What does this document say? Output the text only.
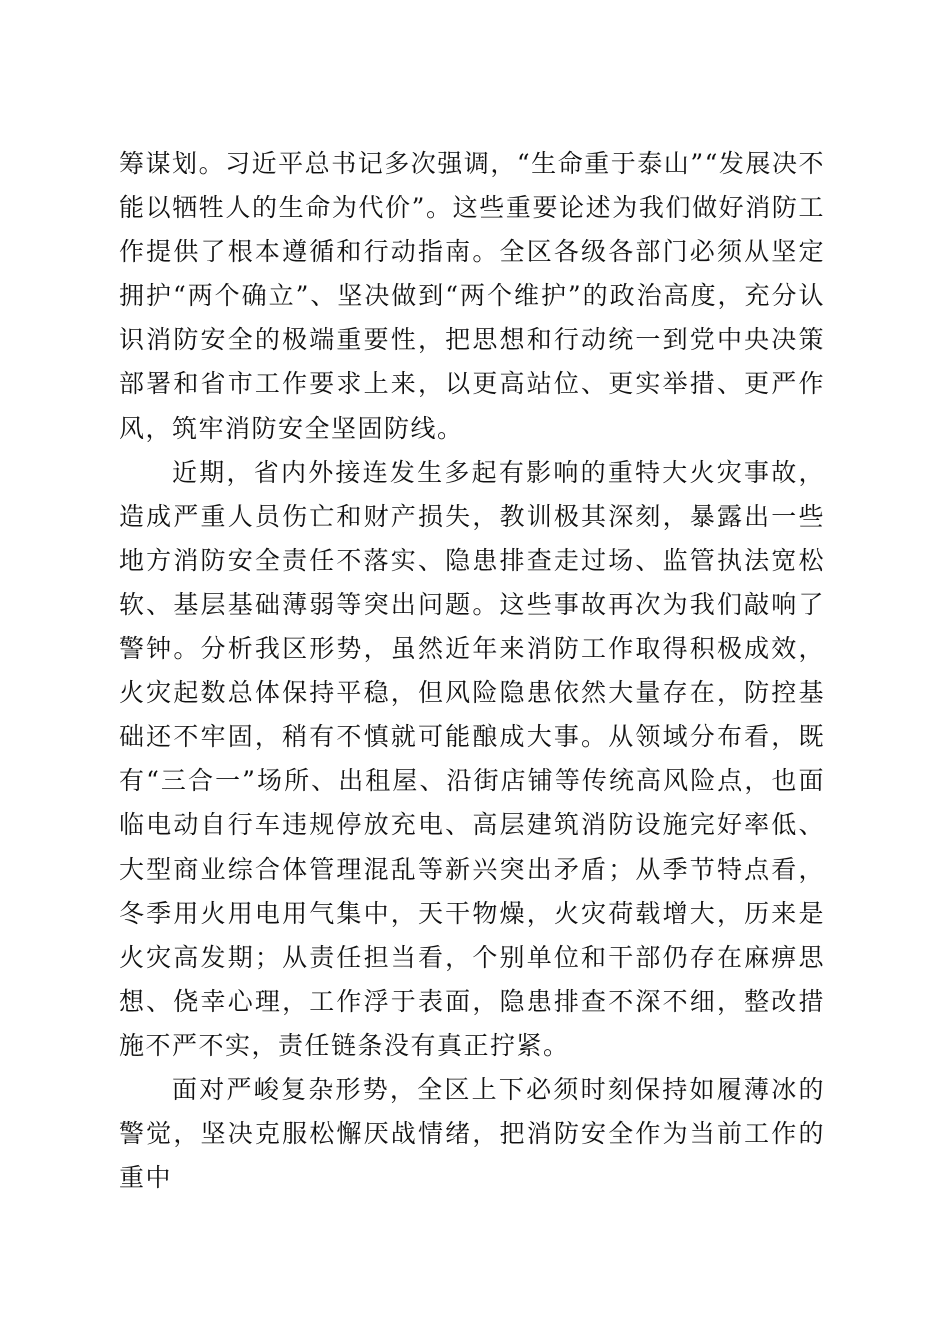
筹谋划。习近平总书记多次强调，“生命重于泰山”“发展决不能以牺牲人的生命为代价”。这些重要论述为我们做好消防工作提供了根本遵循和行动指南。全区各级各部门必须从坚定拥护“两个确立”、坚决做到“两个维护”的政治高度，充分认识消防安全的极端重要性，把思想和行动统一到党中央决策部署和省市工作要求上来，以更高站位、更实举措、更严作风，筑牢消防安全坚固防线。

近期，省内外接连发生多起有影响的重特大火灾事故，造成严重人员伤亡和财产损失，教训极其深刻，暴露出一些地方消防安全责任不落实、隐患排查走过场、监管执法宽松软、基层基础薄弱等突出问题。这些事故再次为我们敲响了警钟。分析我区形势，虽然近年来消防工作取得积极成效，火灾起数总体保持平稳，但风险隐患依然大量存在，防控基础还不牢固，稍有不慎就可能酿成大事。从领域分布看，既有“三合一”场所、出租屋、沿街店铺等传统高风险点，也面临电动自行车违规停放充电、高层建筑消防设施完好率低、大型商业综合体管理混乱等新兴突出矛盾；从季节特点看，冬季用火用电用气集中，天干物燥，火灾荷载增大，历来是火灾高发期；从责任担当看，个别单位和干部仍存在麻痹思想、侥幸心理，工作浮于表面，隐患排查不深不细，整改措施不严不实，责任链条没有真正拧紧。

面对严峻复杂形势，全区上下必须时刻保持如履薄冰的警觉，坚决克服松懈厌战情绪，把消防安全作为当前工作的重中
